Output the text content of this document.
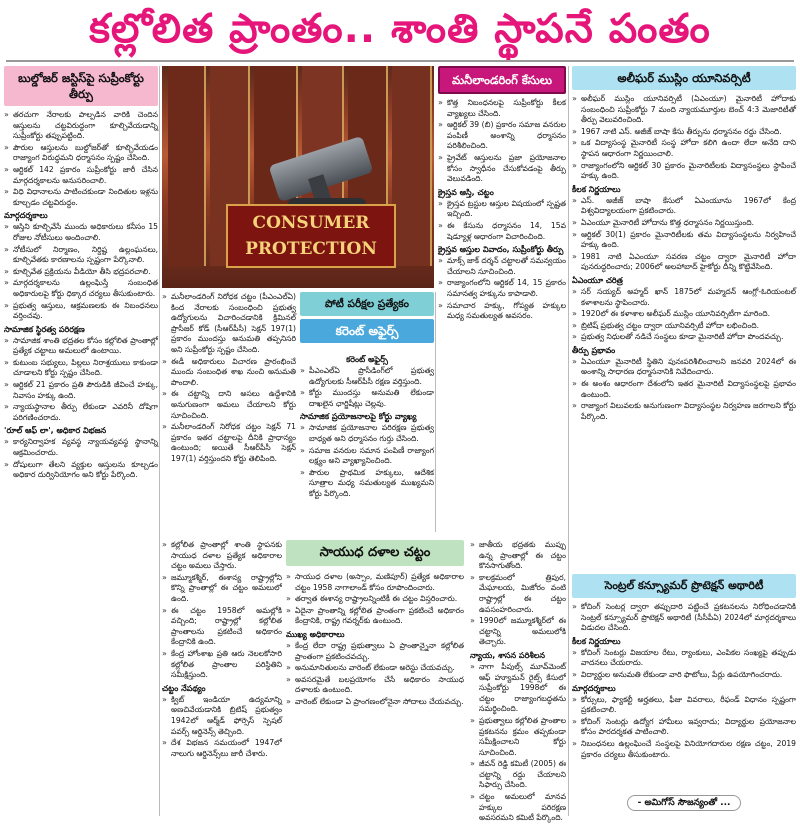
కల్లోలిత ప్రాంతం.. శాంతి స్థాపనే పంతం
బుల్డోజర్ జస్టిస్‌పై సుప్రీంకోర్టు తీర్పు
» తరచుగా నేరాలకు పాల్పడిన వారికి చెందిన ఆస్తులను చట్టవిరుద్ధంగా కూల్చివేయడాన్ని సుప్రీంకోర్టు తప్పుపట్టింది.
» పౌరుల ఆస్తులను బుల్డోజర్‌తో కూల్చివేయడం రాజ్యాంగ విరుద్ధమని ధర్మాసనం స్పష్టం చేసింది.
» ఆర్టికల్ 142 ప్రకారం సుప్రీంకోర్టు జారీ చేసిన మార్గదర్శకాలను అనుసరించాలి.
» విధి విధానాలను పాటించకుండా నిందితుల ఇళ్లను కూల్చడం చట్టవిరుద్ధం.
మార్గదర్శకాలు
» ఆస్తిని కూల్చివేసే ముందు అధికారులు కనీసం 15 రోజుల నోటీసులు అందించాలి.
» నోటీసులో నిర్మాణం, నిర్దిష్ట ఉల్లంఘనలు, కూల్చివేతకు కారణాలను స్పష్టంగా పేర్కొనాలి.
» కూల్చివేత ప్రక్రియను వీడియో తీసి భద్రపరచాలి.
» మార్గదర్శకాలను ఉల్లంఘిస్తే సంబంధిత అధికారులపై కోర్టు ధిక్కార చర్యలు తీసుకుంటారు.
» ప్రభుత్వ ఆస్తులు, ఆక్రమణలకు ఈ నిబంధనలు వర్తించవు.
సామాజిక స్థిరత్వ పరిరక్షణ
» సామాజిక శాంతి భద్రతల కోసం కల్లోలిత ప్రాంతాల్లో ప్రత్యేక చట్టాలు అమలులో ఉంటాయి.
» కుటుంబ సభ్యులు, పిల్లలు నిరాశ్రయులు కాకుండా చూడాలని కోర్టు స్పష్టం చేసింది.
» ఆర్టికల్ 21 ప్రకారం ప్రతి పౌరుడికి జీవించే హక్కు, నివాసం హక్కు ఉంది.
» న్యాయస్థానాల తీర్పు లేకుండా ఎవరినీ దోషిగా పరిగణించరాదు.
'రూల్ ఆఫ్ లా', అధికార విభజన
» కార్యనిర్వాహక వ్యవస్థ న్యాయవ్యవస్థ స్థానాన్ని ఆక్రమించరాదు.
» దోషులుగా తేలని వ్యక్తుల ఆస్తులను కూల్చడం అధికార దుర్వినియోగం అని కోర్టు పేర్కొంది.
CONSUMER
PROTECTION
మనీలాండరింగ్ కేసులు
» కొత్త నిబంధనలపై సుప్రీంకోర్టు కీలక వ్యాఖ్యలు చేసింది.
» ఆర్టికల్ 39 (బి) ప్రకారం సమాజ వనరుల పంపిణీ అంశాన్ని ధర్మాసనం పరిశీలించింది.
» ప్రైవేట్ ఆస్తులను ప్రజా ప్రయోజనాల కోసం స్వాధీనం చేసుకోవడంపై తీర్పు వెలువడింది.
క్రైస్తవ ఆస్తి, చట్టం
» క్రైస్తవ ట్రస్టుల ఆస్తుల విషయంలో స్పష్టత ఇచ్చింది.
» ఈ కేసును ధర్మాసనం 14, 15వ షెడ్యూళ్ల ఆధారంగా విచారించింది.
క్రైస్తవ ఆస్తుల వివాదం, సుప్రీంకోర్టు తీర్పు
» మాక్స్ జాక్ దర్శన్ చట్టాలతో సమన్వయం చేయాలని సూచించింది.
» రాజ్యాంగంలోని ఆర్టికల్ 14, 15 ప్రకారం సమానత్వ హక్కును కాపాడాలి.
» సమాచార హక్కు, గోప్యత హక్కుల మధ్య సమతుల్యత అవసరం.
అలీఘర్ ముస్లిం యూనివర్సిటీ
» అలీఘర్ ముస్లిం యూనివర్సిటీ (ఏఎంయూ) మైనారిటీ హోదాకు సంబంధించి సుప్రీంకోర్టు 7 మంది న్యాయమూర్తుల బెంచ్ 4:3 మెజారిటీతో తీర్పు వెలువరించింది.
» 1967 నాటి ఎస్. అజీజ్ బాషా కేసు తీర్పును ధర్మాసనం రద్దు చేసింది.
» ఒక విద్యాసంస్థ మైనారిటీ సంస్థ హోదా కలిగి ఉందా లేదా అనేది దాని స్థాపన ఆధారంగా నిర్ణయించాలి.
» రాజ్యాంగంలోని ఆర్టికల్ 30 ప్రకారం మైనారిటీలకు విద్యాసంస్థలు స్థాపించే హక్కు ఉంది.
కీలక నిర్ణయాలు
» ఎస్. అజీజ్ బాషా కేసులో ఏఎంయూను 1967లో కేంద్ర విశ్వవిద్యాలయంగా ప్రకటించారు.
» ఏఎంయూ మైనారిటీ హోదాను కొత్త ధర్మాసనం నిర్ణయిస్తుంది.
» ఆర్టికల్ 30(1) ప్రకారం మైనారిటీలకు తమ విద్యాసంస్థలను నిర్వహించే హక్కు ఉంది.
» 1981 నాటి ఏఎంయూ సవరణ చట్టం ద్వారా మైనారిటీ హోదా పునరుద్ధరించారు; 2006లో అలహాబాద్ హైకోర్టు దీన్ని కొట్టివేసింది.
ఏఎంయూ చరిత్ర
» సర్ సయ్యద్ అహ్మద్ ఖాన్ 1875లో మహ్మదన్ ఆంగ్లో-ఓరియంటల్ కళాశాలను స్థాపించారు.
» 1920లో ఈ కళాశాల అలీఘర్ ముస్లిం యూనివర్సిటీగా మారింది.
» బ్రిటిష్ ప్రభుత్వ చట్టం ద్వారా యూనివర్సిటీ హోదా లభించింది.
» ప్రభుత్వ నిధులతో నడిచే సంస్థలు కూడా మైనారిటీ హోదా పొందవచ్చు.
తీర్పు ప్రభావం
» ఏఎంయూ మైనారిటీ స్థితిని పునఃపరిశీలించాలని జనవరి 2024లో ఈ అంశాన్ని సాధారణ ధర్మాసనానికి నివేదించారు.
» ఈ అంశం ఆధారంగా దేశంలోని ఇతర మైనారిటీ విద్యాసంస్థలపై ప్రభావం ఉంటుంది.
» రాజ్యాంగ విలువలకు అనుగుణంగా విద్యాసంస్థల నిర్వహణ జరగాలని కోర్టు పేర్కొంది.
» మనీలాండరింగ్ నిరోధక చట్టం (పీఎంఎల్ఏ) కింద నేరాలకు సంబంధించి ప్రభుత్వ ఉద్యోగులను విచారించడానికి క్రిమినల్ ప్రొసీజర్ కోడ్ (సీఆర్‌పీసీ) సెక్షన్ 197(1) ప్రకారం ముందస్తు అనుమతి తప్పనిసరి అని సుప్రీంకోర్టు స్పష్టం చేసింది.
» ఈడీ అధికారులు విచారణ ప్రారంభించే ముందు సంబంధిత శాఖ నుంచి అనుమతి పొందాలి.
» ఈ చట్టాన్ని దాని అసలు ఉద్దేశానికి అనుగుణంగా అమలు చేయాలని కోర్టు సూచించింది.
» మనీలాండరింగ్ నిరోధక చట్టం సెక్షన్ 71 ప్రకారం ఇతర చట్టాలపై దీనికి ప్రాధాన్యం ఉంటుంది; అయితే సీఆర్‌పీసీ సెక్షన్ 197(1) వర్తిస్తుందని కోర్టు తెలిపింది.
పోటీ పరీక్షల ప్రత్యేకం
కరెంట్ అఫైర్స్
కరెంట్ అఫైర్స్
» పీఎంఎల్ఏ ప్రొసీడింగ్‌లో ప్రభుత్వ ఉద్యోగులకు సీఆర్‌పీసీ రక్షణ వర్తిస్తుంది.
» కోర్టు ముందస్తు అనుమతి లేకుండా దాఖలైన ఛార్జిషీట్లు చెల్లవు.
సామాజిక ప్రయోజనాలపై కోర్టు వ్యాఖ్య
» సామాజిక ప్రయోజనాల పరిరక్షణ ప్రభుత్వ బాధ్యత అని ధర్మాసనం గుర్తు చేసింది.
» సమాజ వనరుల సమాన పంపిణీ రాజ్యాంగ లక్ష్యం అని వ్యాఖ్యానించింది.
» పౌరుల ప్రాథమిక హక్కులు, ఆదేశిక సూత్రాల మధ్య సమతుల్యత ముఖ్యమని కోర్టు పేర్కొంది.
సాయుధ దళాల చట్టం
» కల్లోలిత ప్రాంతాల్లో శాంతి స్థాపనకు సాయుధ దళాల ప్రత్యేక అధికారాల చట్టం అమలు చేస్తారు.
» జమ్మూకశ్మీర్, ఈశాన్య రాష్ట్రాల్లోని కొన్ని ప్రాంతాల్లో ఈ చట్టం అమలులో ఉంది.
» ఈ చట్టం 1958లో అమల్లోకి వచ్చింది; రాష్ట్రాల్లో కల్లోలిత ప్రాంతాలను ప్రకటించే అధికారం కేంద్రానికి ఉంది.
» కేంద్ర హోంశాఖ ప్రతి ఆరు నెలలకోసారి కల్లోలిత ప్రాంతాల పరిస్థితిని సమీక్షిస్తుంది.
చట్టం నేపథ్యం
» క్విట్ ఇండియా ఉద్యమాన్ని అణచివేయడానికి బ్రిటిష్ ప్రభుత్వం 1942లో ఆర్మ్‌డ్ ఫోర్సెస్ స్పెషల్ పవర్స్ ఆర్డినెన్స్ తెచ్చింది.
» దేశ విభజన సమయంలో 1947లో నాలుగు ఆర్డినెన్స్‌లు జారీ చేశారు.
» సాయుధ దళాల (అస్సాం, మణిపూర్) ప్రత్యేక అధికారాల చట్టం 1958 నాగాలాండ్ కోసం రూపొందించారు.
» తర్వాత ఈశాన్య రాష్ట్రాలన్నింటికీ ఈ చట్టం విస్తరించారు.
» ఏదైనా ప్రాంతాన్ని కల్లోలిత ప్రాంతంగా ప్రకటించే అధికారం కేంద్రానికి, రాష్ట్ర గవర్నర్‌కు ఉంటుంది.
ముఖ్య అధికారాలు
» కేంద్ర లేదా రాష్ట్ర ప్రభుత్వాలు ఏ ప్రాంతాన్నైనా కల్లోలిత ప్రాంతంగా ప్రకటించవచ్చు.
» అనుమానితులను వారెంట్ లేకుండా అరెస్టు చేయవచ్చు.
» అవసరమైతే బలప్రయోగం చేసే అధికారం సాయుధ దళాలకు ఉంటుంది.
» వారెంట్ లేకుండా ఏ ప్రాంగణంలోనైనా సోదాలు చేయవచ్చు.
» జాతీయ భద్రతకు ముప్పు ఉన్న ప్రాంతాల్లో ఈ చట్టం కొనసాగుతోంది.
» కాలక్రమంలో త్రిపుర, మేఘాలయ, మిజోరం వంటి రాష్ట్రాల్లో ఈ చట్టం ఉపసంహరించారు.
» 1990లో జమ్మూకశ్మీర్‌లో ఈ చట్టాన్ని అమలులోకి తెచ్చారు.
న్యాయ, శాసన పరిశీలన
» నాగా పీపుల్స్ మూవ్‌మెంట్ ఆఫ్ హ్యూమన్ రైట్స్ కేసులో సుప్రీంకోర్టు 1998లో ఈ చట్టం రాజ్యాంగబద్ధతను సమర్థించింది.
» ప్రభుత్వాలు కల్లోలిత ప్రాంతాల ప్రకటనను క్రమం తప్పకుండా సమీక్షించాలని కోర్టు సూచించింది.
» జీవన్ రెడ్డి కమిటీ (2005) ఈ చట్టాన్ని రద్దు చేయాలని సిఫార్సు చేసింది.
» చట్టం అమలులో మానవ హక్కుల పరిరక్షణ అవసరమని కమిటీ పేర్కొంది.
సెంట్రల్ కన్స్యూమర్ ప్రొటెక్షన్ అథారిటీ
» కోచింగ్ సెంటర్ల ద్వారా తప్పుదారి పట్టించే ప్రకటనలను నిరోధించడానికి సెంట్రల్ కన్స్యూమర్ ప్రొటెక్షన్ అథారిటీ (సీసీపీఏ) 2024లో మార్గదర్శకాలు విడుదల చేసింది.
కీలక నిర్ణయాలు
» కోచింగ్ సెంటర్లు విజయాల రేటు, ర్యాంకులు, ఎంపికల సంఖ్యపై తప్పుడు వాదనలు చేయరాదు.
» విద్యార్థుల అనుమతి లేకుండా వారి ఫొటోలు, పేర్లు ఉపయోగించరాదు.
మార్గదర్శకాలు
» కోర్సులు, ఫ్యాకల్టీ అర్హతలు, ఫీజు వివరాలు, రీఫండ్ విధానం స్పష్టంగా ప్రకటించాలి.
» కోచింగ్ సెంటర్లు ఉద్యోగ హామీలు ఇవ్వరాదు; విద్యార్థుల ప్రయోజనాల కోసం పారదర్శకత పాటించాలి.
» నిబంధనలు ఉల్లంఘించే సంస్థలపై వినియోగదారుల రక్షణ చట్టం, 2019 ప్రకారం చర్యలు తీసుకుంటారు.
- అమిగోస్ సౌజన్యంతో ...
